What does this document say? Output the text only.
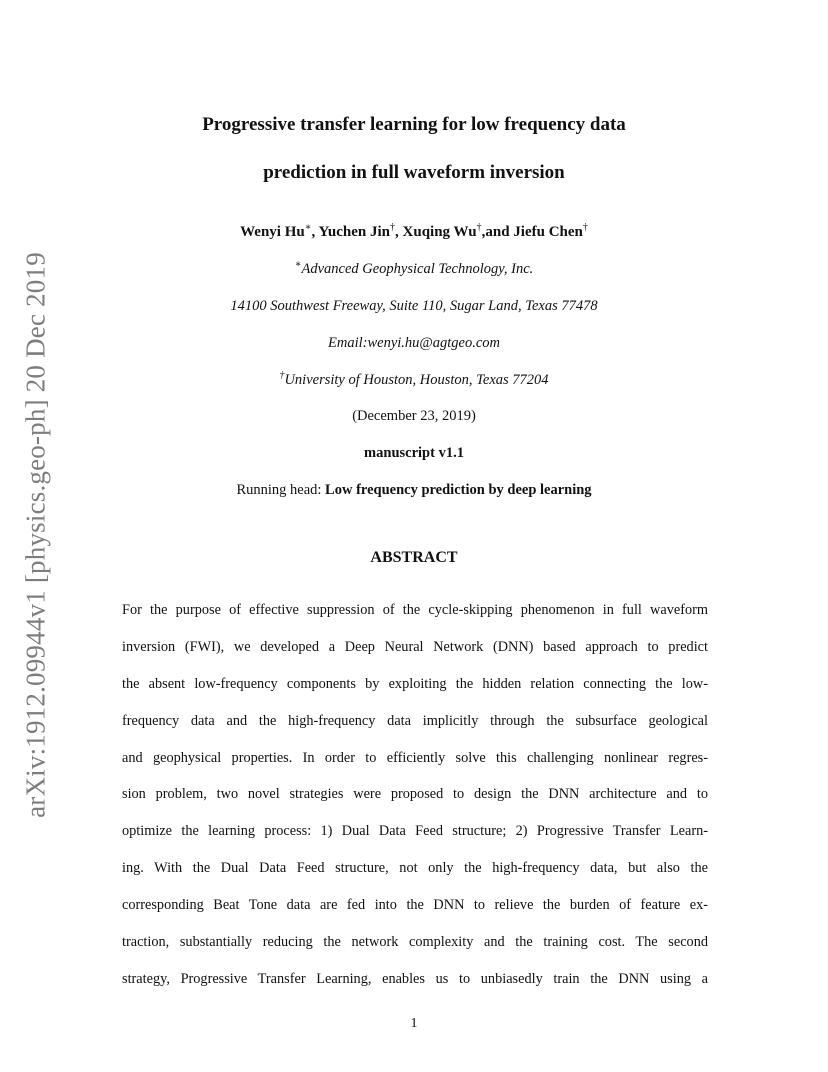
arXiv:1912.09944v1 [physics.geo-ph] 20 Dec 2019
Progressive transfer learning for low frequency data
prediction in full waveform inversion
Wenyi Hu∗, Yuchen Jin†, Xuqing Wu†,and Jiefu Chen†
∗Advanced Geophysical Technology, Inc.
14100 Southwest Freeway, Suite 110, Sugar Land, Texas 77478
Email:wenyi.hu@agtgeo.com
†University of Houston, Houston, Texas 77204
(December 23, 2019)
manuscript v1.1
Running head: Low frequency prediction by deep learning
ABSTRACT
For the purpose of effective suppression of the cycle-skipping phenomenon in full waveform
inversion (FWI), we developed a Deep Neural Network (DNN) based approach to predict
the absent low-frequency components by exploiting the hidden relation connecting the low-
frequency data and the high-frequency data implicitly through the subsurface geological
and geophysical properties. In order to efficiently solve this challenging nonlinear regres-
sion problem, two novel strategies were proposed to design the DNN architecture and to
optimize the learning process: 1) Dual Data Feed structure; 2) Progressive Transfer Learn-
ing. With the Dual Data Feed structure, not only the high-frequency data, but also the
corresponding Beat Tone data are fed into the DNN to relieve the burden of feature ex-
traction, substantially reducing the network complexity and the training cost. The second
strategy, Progressive Transfer Learning, enables us to unbiasedly train the DNN using a
1
